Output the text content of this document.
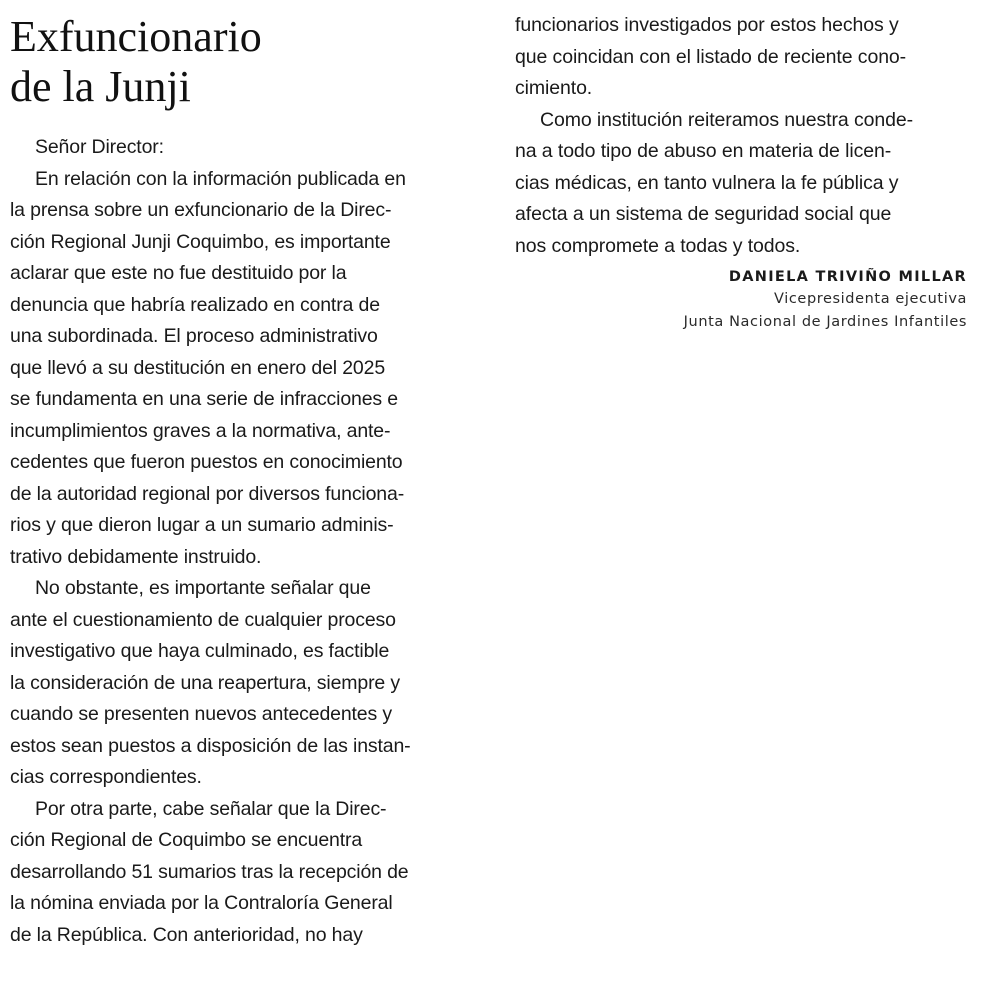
Exfuncionario
de la Junji
Señor Director:
En relación con la información publicada en
la prensa sobre un exfuncionario de la Direc-
ción Regional Junji Coquimbo, es importante
aclarar que este no fue destituido por la
denuncia que habría realizado en contra de
una subordinada. El proceso administrativo
que llevó a su destitución en enero del 2025
se fundamenta en una serie de infracciones e
incumplimientos graves a la normativa, ante-
cedentes que fueron puestos en conocimiento
de la autoridad regional por diversos funciona-
rios y que dieron lugar a un sumario adminis-
trativo debidamente instruido.
No obstante, es importante señalar que
ante el cuestionamiento de cualquier proceso
investigativo que haya culminado, es factible
la consideración de una reapertura, siempre y
cuando se presenten nuevos antecedentes y
estos sean puestos a disposición de las instan-
cias correspondientes.
Por otra parte, cabe señalar que la Direc-
ción Regional de Coquimbo se encuentra
desarrollando 51 sumarios tras la recepción de
la nómina enviada por la Contraloría General
de la República. Con anterioridad, no hay
funcionarios investigados por estos hechos y
que coincidan con el listado de reciente cono-
cimiento.
Como institución reiteramos nuestra conde-
na a todo tipo de abuso en materia de licen-
cias médicas, en tanto vulnera la fe pública y
afecta a un sistema de seguridad social que
nos compromete a todas y todos.
DANIELA TRIVIÑO MILLAR
Vicepresidenta ejecutiva
Junta Nacional de Jardines Infantiles
